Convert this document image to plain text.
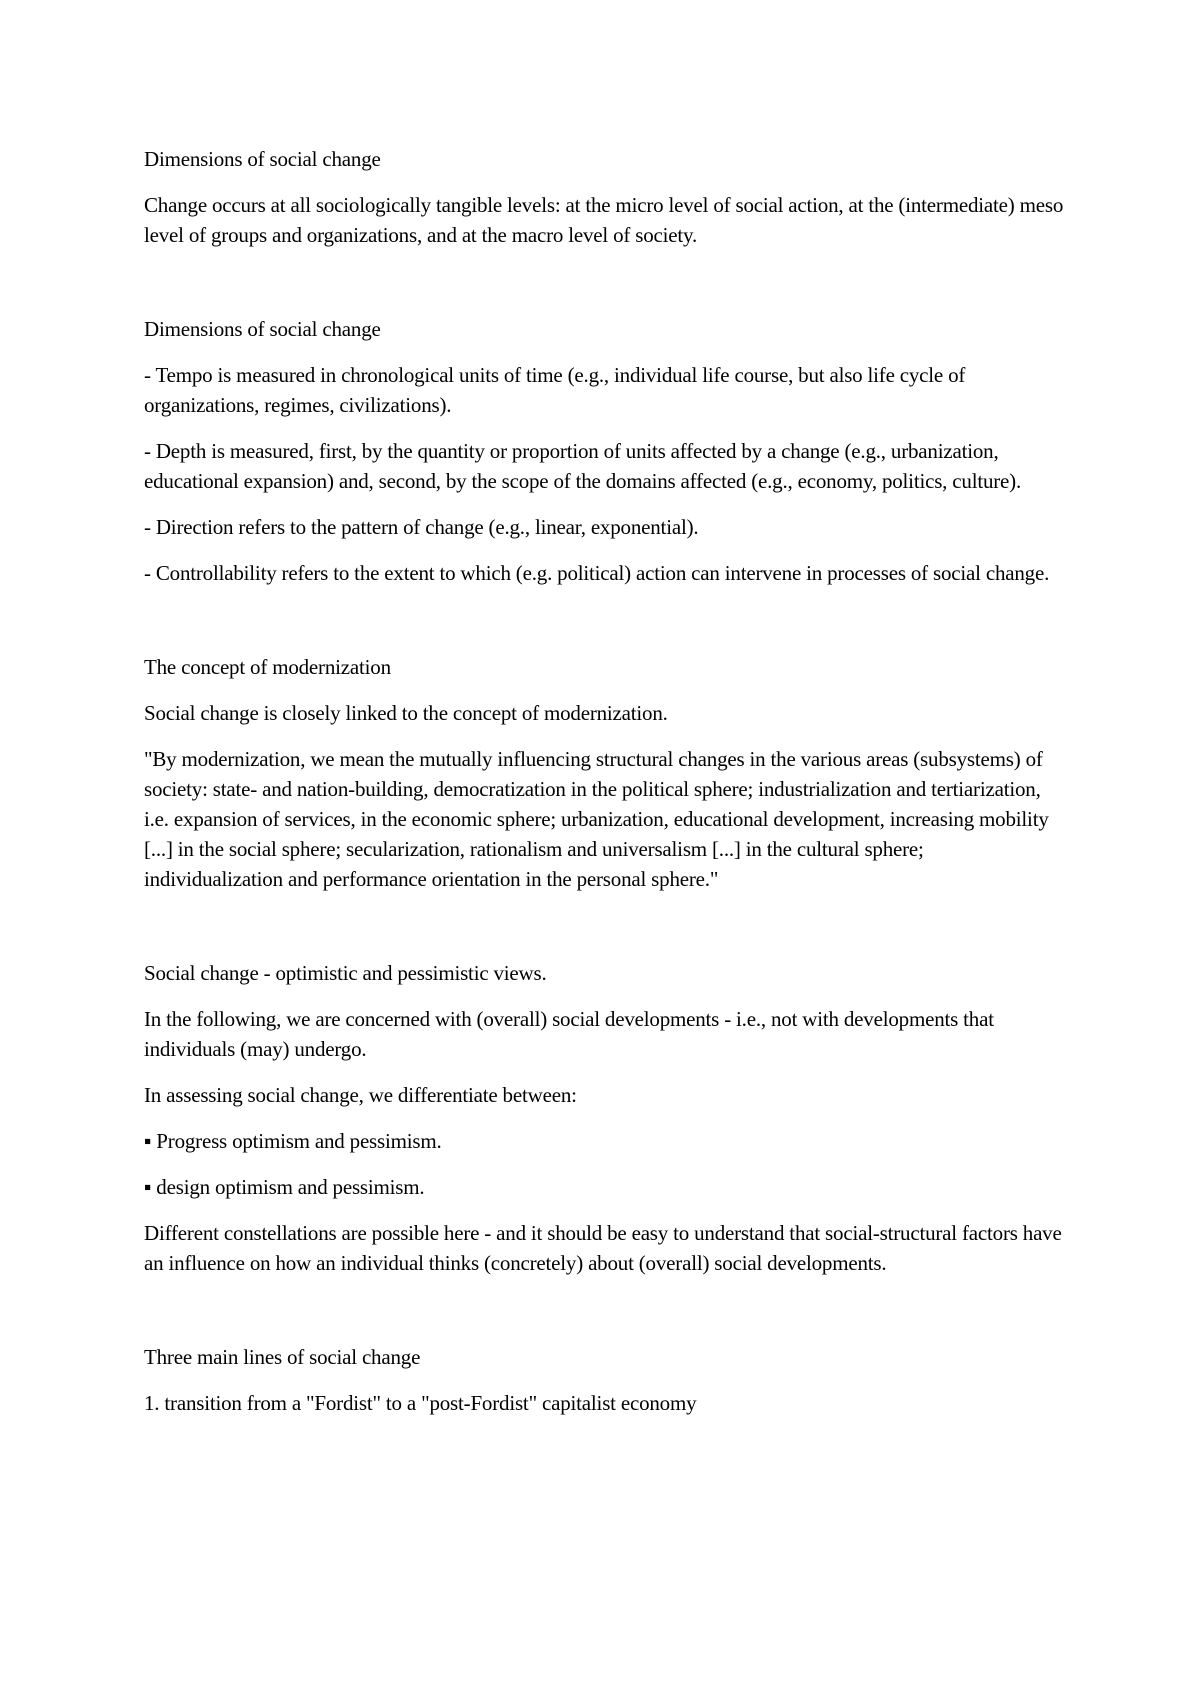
Dimensions of social change

Change occurs at all sociologically tangible levels: at the micro level of social action, at the (intermediate) meso level of groups and organizations, and at the macro level of society.

Dimensions of social change

- Tempo is measured in chronological units of time (e.g., individual life course, but also life cycle of organizations, regimes, civilizations).

- Depth is measured, first, by the quantity or proportion of units affected by a change (e.g., urbanization, educational expansion) and, second, by the scope of the domains affected (e.g., economy, politics, culture).

- Direction refers to the pattern of change (e.g., linear, exponential).

- Controllability refers to the extent to which (e.g. political) action can intervene in processes of social change.

The concept of modernization

Social change is closely linked to the concept of modernization.

"By modernization, we mean the mutually influencing structural changes in the various areas (subsystems) of society: state- and nation-building, democratization in the political sphere; industrialization and tertiarization, i.e. expansion of services, in the economic sphere; urbanization, educational development, increasing mobility [...] in the social sphere; secularization, rationalism and universalism [...] in the cultural sphere; individualization and performance orientation in the personal sphere."

Social change - optimistic and pessimistic views.

In the following, we are concerned with (overall) social developments - i.e., not with developments that individuals (may) undergo.

In assessing social change, we differentiate between:

▪ Progress optimism and pessimism.

▪ design optimism and pessimism.

Different constellations are possible here - and it should be easy to understand that social-structural factors have an influence on how an individual thinks (concretely) about (overall) social developments.

Three main lines of social change

1. transition from a "Fordist" to a "post-Fordist" capitalist economy
